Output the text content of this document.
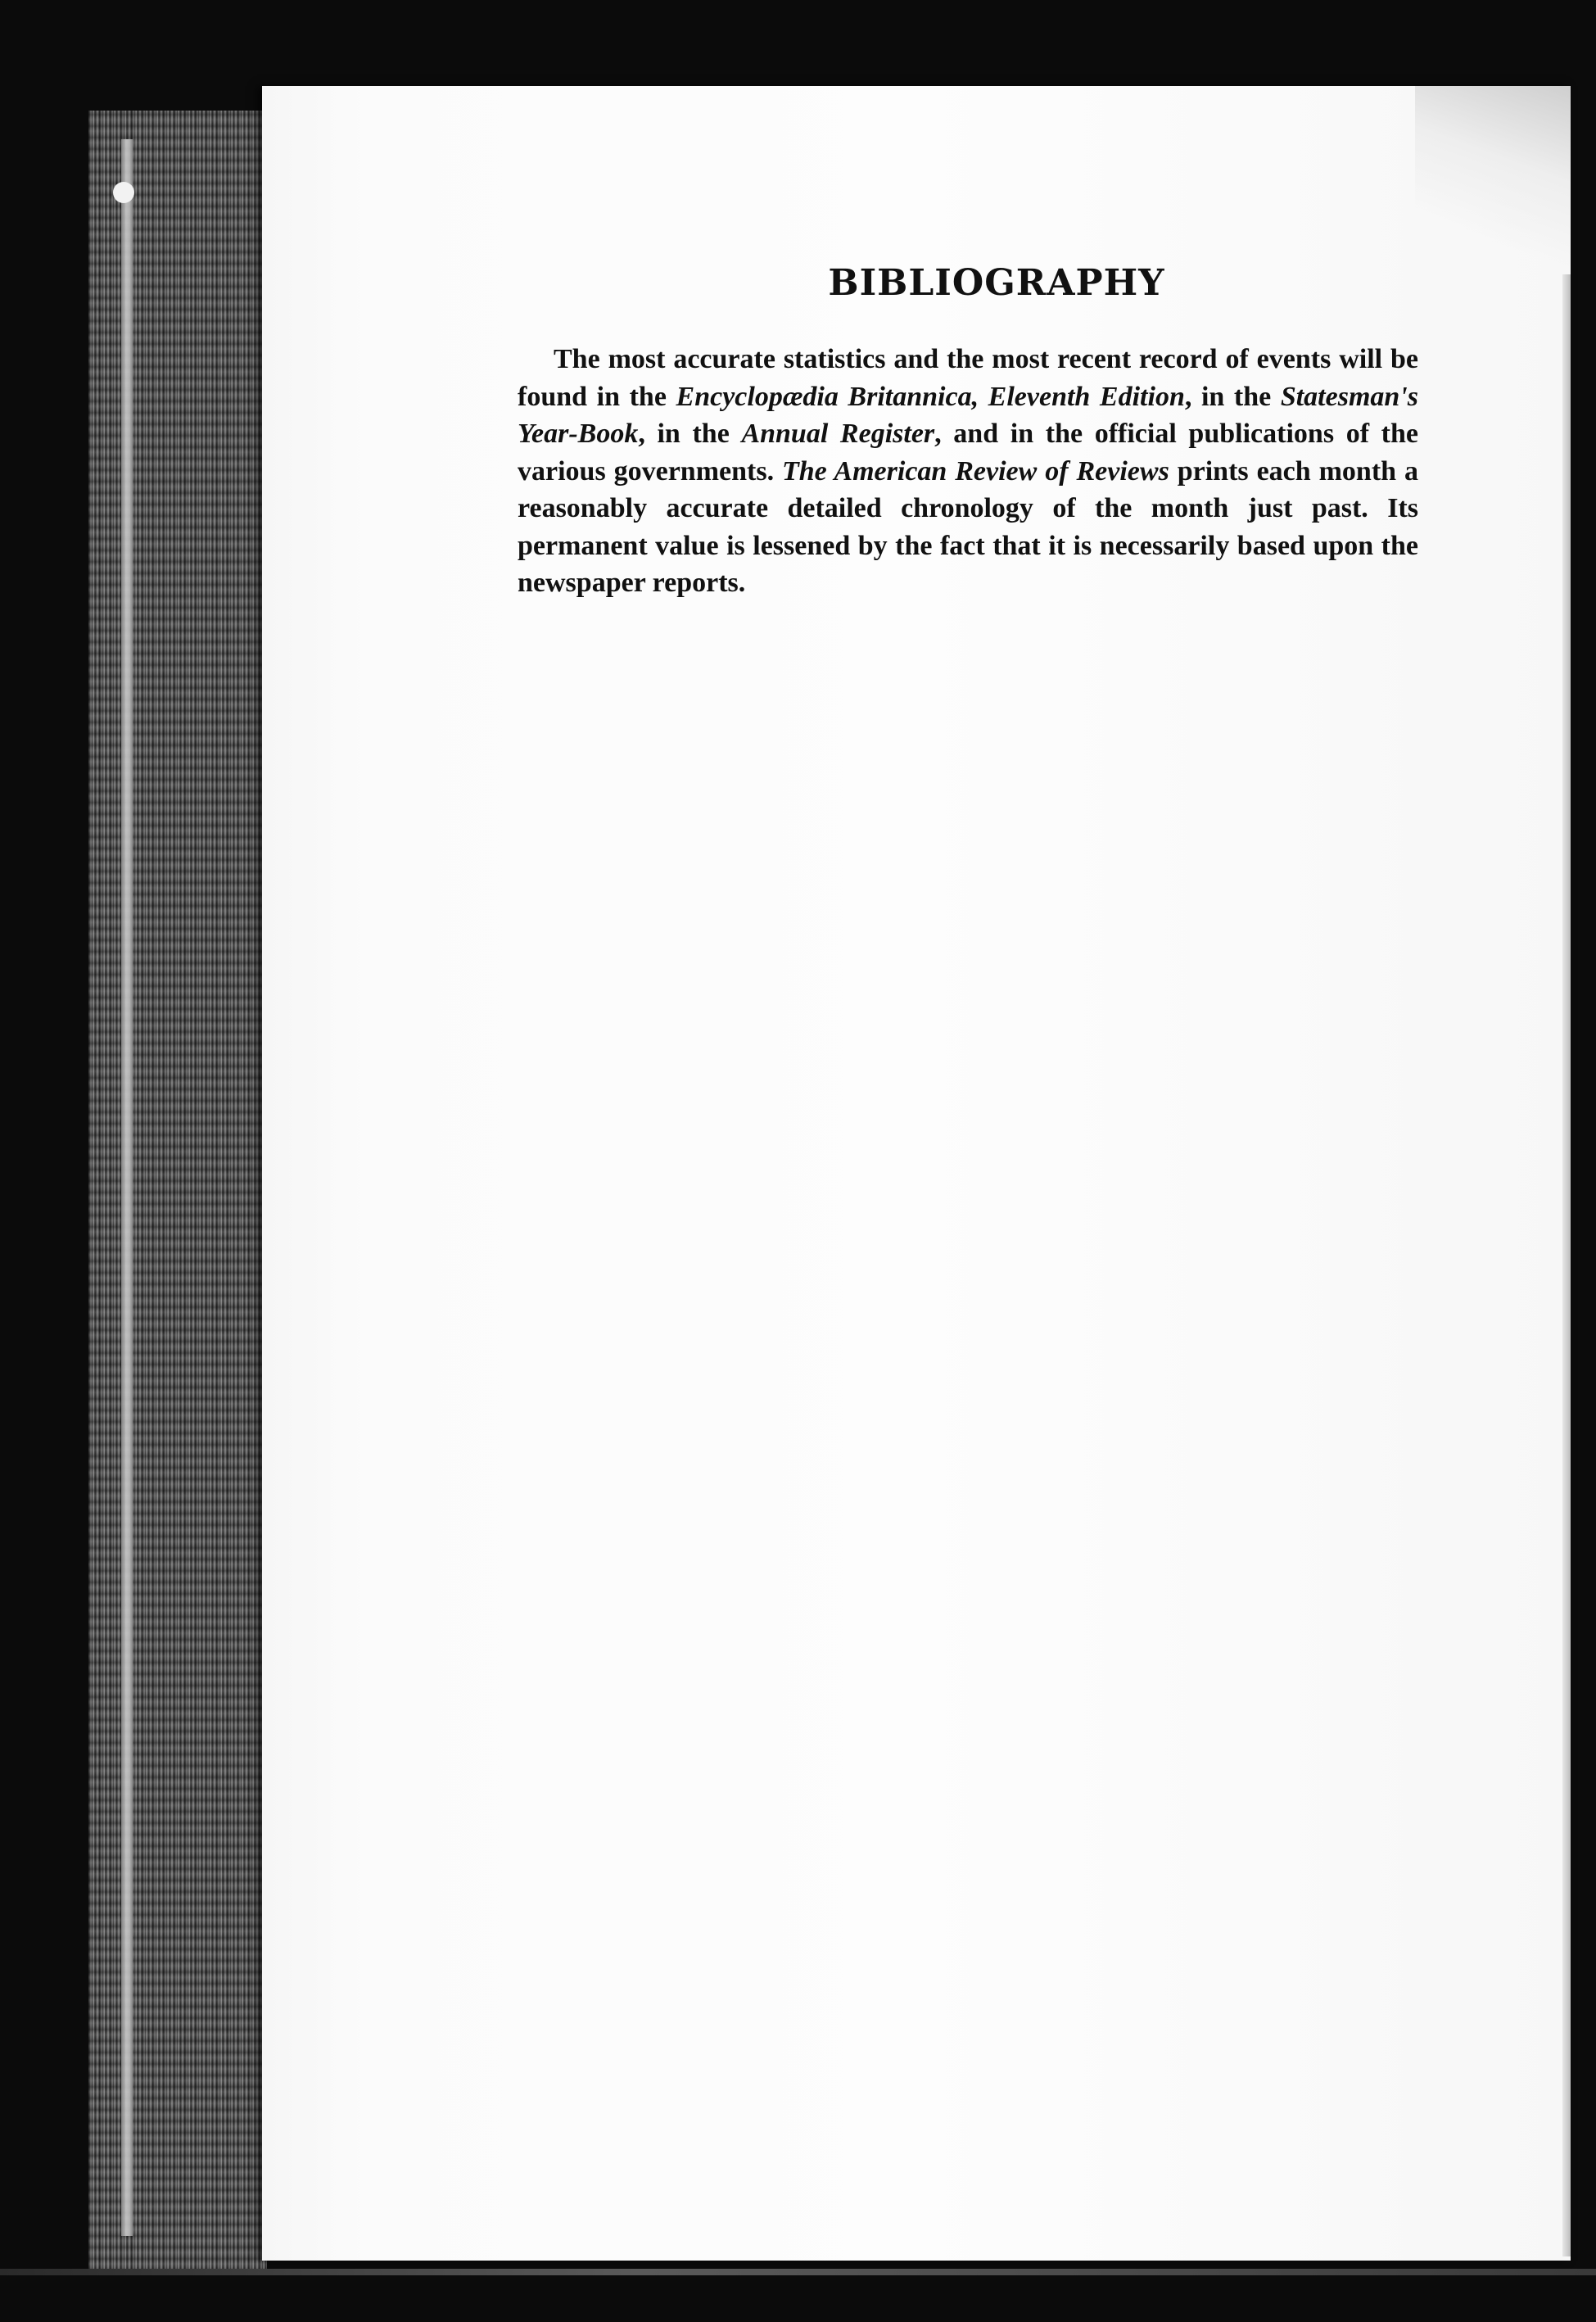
BIBLIOGRAPHY

The most accurate statistics and the most recent record of events will be found in the Encyclopædia Britannica, Eleventh Edition, in the Statesman's Year-Book, in the Annual Register, and in the official publications of the various governments. The American Review of Reviews prints each month a reasonably accurate detailed chronology of the month just past. Its permanent value is lessened by the fact that it is necessarily based upon the newspaper reports.
